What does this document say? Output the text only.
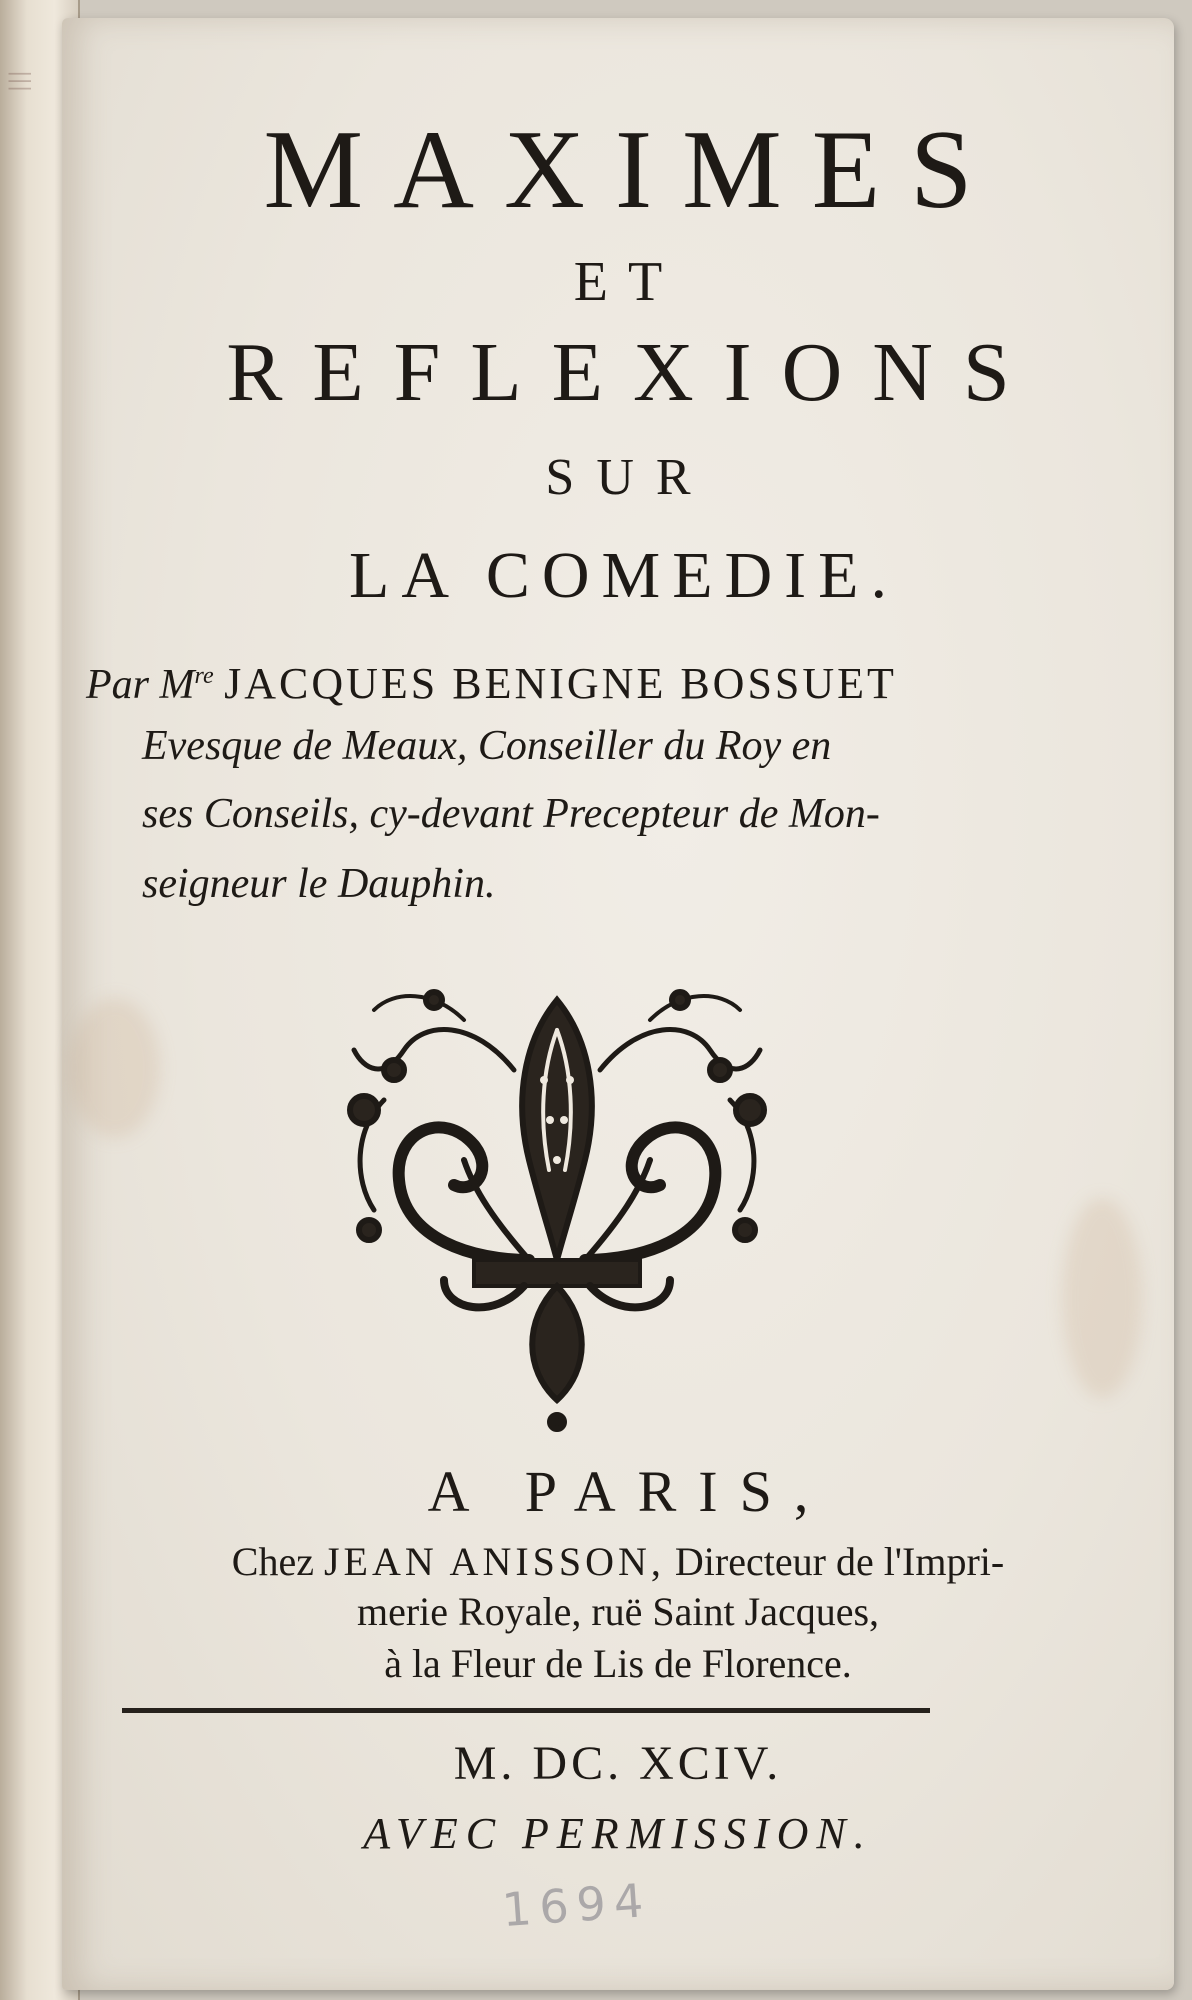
|||
MAXIMES
ET
REFLEXIONS
SUR
LA COMEDIE.
Par Mre JACQUES BENIGNE BOSSUET
Evesque de Meaux, Conseiller du Roy en
ses Conseils, cy-devant Precepteur de Mon-
seigneur le Dauphin.
A PARIS,
Chez JEAN ANISSON, Directeur de l'Impri-
merie Royale, ruë Saint Jacques,
à la Fleur de Lis de Florence.
M. DC. XCIV.
AVEC PERMISSION.
1694
